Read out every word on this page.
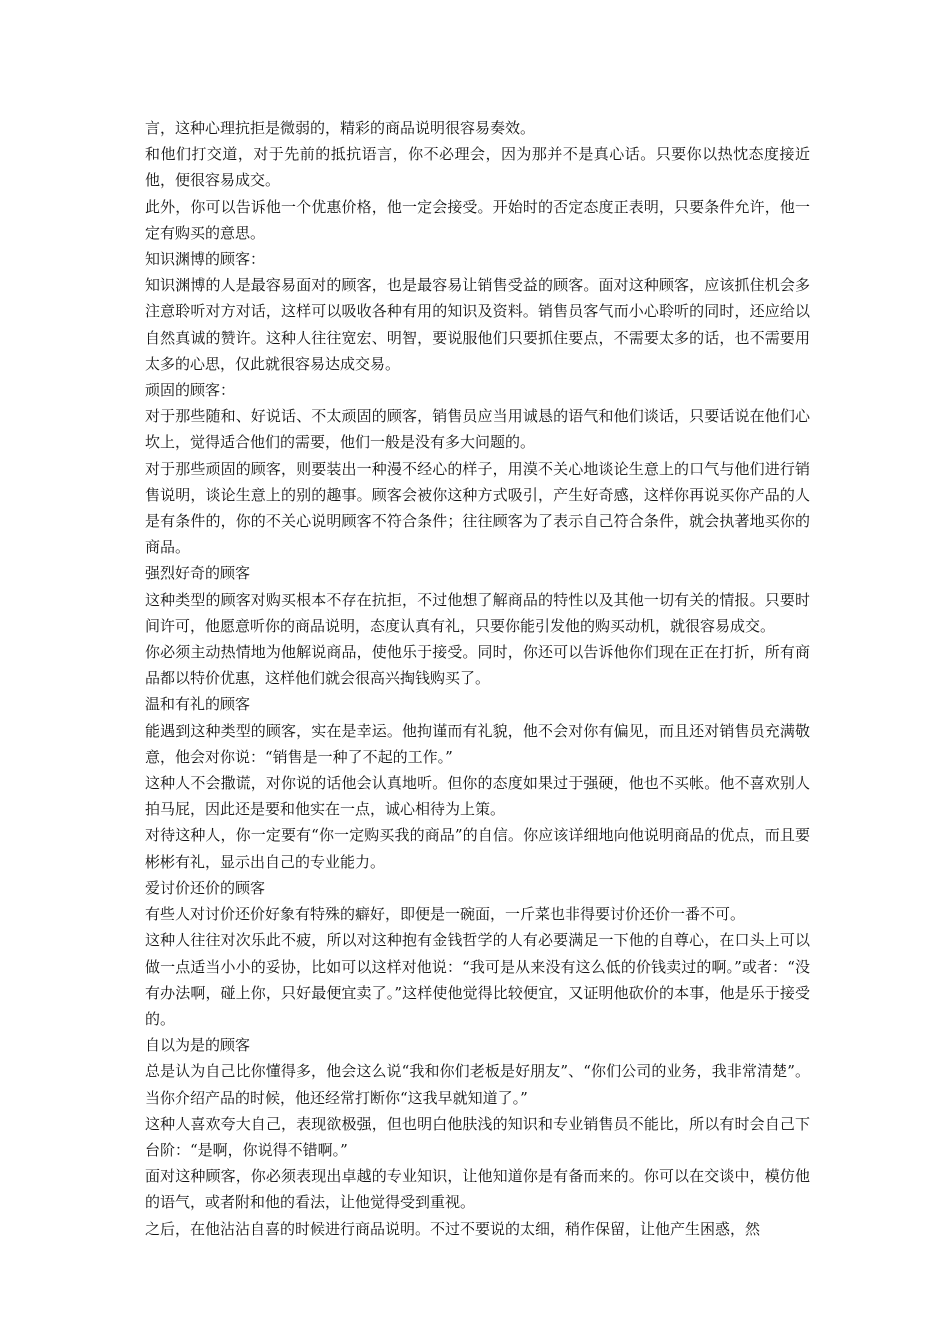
言，这种心理抗拒是微弱的，精彩的商品说明很容易奏效。

和他们打交道，对于先前的抵抗语言，你不必理会，因为那并不是真心话。只要你以热忱态度接近他，便很容易成交。

此外，你可以告诉他一个优惠价格，他一定会接受。开始时的否定态度正表明，只要条件允许，他一定有购买的意思。

知识渊博的顾客：

知识渊博的人是最容易面对的顾客，也是最容易让销售受益的顾客。面对这种顾客，应该抓住机会多注意聆听对方对话，这样可以吸收各种有用的知识及资料。销售员客气而小心聆听的同时，还应给以自然真诚的赞许。这种人往往宽宏、明智，要说服他们只要抓住要点，不需要太多的话，也不需要用太多的心思，仅此就很容易达成交易。

顽固的顾客：

对于那些随和、好说话、不太顽固的顾客，销售员应当用诚恳的语气和他们谈话，只要话说在他们心坎上，觉得适合他们的需要，他们一般是没有多大问题的。

对于那些顽固的顾客，则要装出一种漫不经心的样子，用漠不关心地谈论生意上的口气与他们进行销售说明，谈论生意上的别的趣事。顾客会被你这种方式吸引，产生好奇感，这样你再说买你产品的人是有条件的，你的不关心说明顾客不符合条件；往往顾客为了表示自己符合条件，就会执著地买你的商品。

强烈好奇的顾客

这种类型的顾客对购买根本不存在抗拒，不过他想了解商品的特性以及其他一切有关的情报。只要时间许可，他愿意听你的商品说明，态度认真有礼，只要你能引发他的购买动机，就很容易成交。

你必须主动热情地为他解说商品，使他乐于接受。同时，你还可以告诉他你们现在正在打折，所有商品都以特价优惠，这样他们就会很高兴掏钱购买了。

温和有礼的顾客

能遇到这种类型的顾客，实在是幸运。他拘谨而有礼貌，他不会对你有偏见，而且还对销售员充满敬意，他会对你说：“销售是一种了不起的工作。”

这种人不会撒谎，对你说的话他会认真地听。但你的态度如果过于强硬，他也不买帐。他不喜欢别人拍马屁，因此还是要和他实在一点，诚心相待为上策。

对待这种人，你一定要有“你一定购买我的商品”的自信。你应该详细地向他说明商品的优点，而且要彬彬有礼，显示出自己的专业能力。

爱讨价还价的顾客

有些人对讨价还价好象有特殊的癖好，即便是一碗面，一斤菜也非得要讨价还价一番不可。

这种人往往对次乐此不疲，所以对这种抱有金钱哲学的人有必要满足一下他的自尊心，在口头上可以做一点适当小小的妥协，比如可以这样对他说：“我可是从来没有这么低的价钱卖过的啊。”或者：“没有办法啊，碰上你，只好最便宜卖了。”这样使他觉得比较便宜，又证明他砍价的本事，他是乐于接受的。

自以为是的顾客

总是认为自己比你懂得多，他会这么说“我和你们老板是好朋友”、“你们公司的业务，我非常清楚”。当你介绍产品的时候，他还经常打断你“这我早就知道了。”

这种人喜欢夸大自己，表现欲极强，但也明白他肤浅的知识和专业销售员不能比，所以有时会自己下台阶：“是啊，你说得不错啊。”

面对这种顾客，你必须表现出卓越的专业知识，让他知道你是有备而来的。你可以在交谈中，模仿他的语气，或者附和他的看法，让他觉得受到重视。

之后，在他沾沾自喜的时候进行商品说明。不过不要说的太细，稍作保留，让他产生困惑，然
